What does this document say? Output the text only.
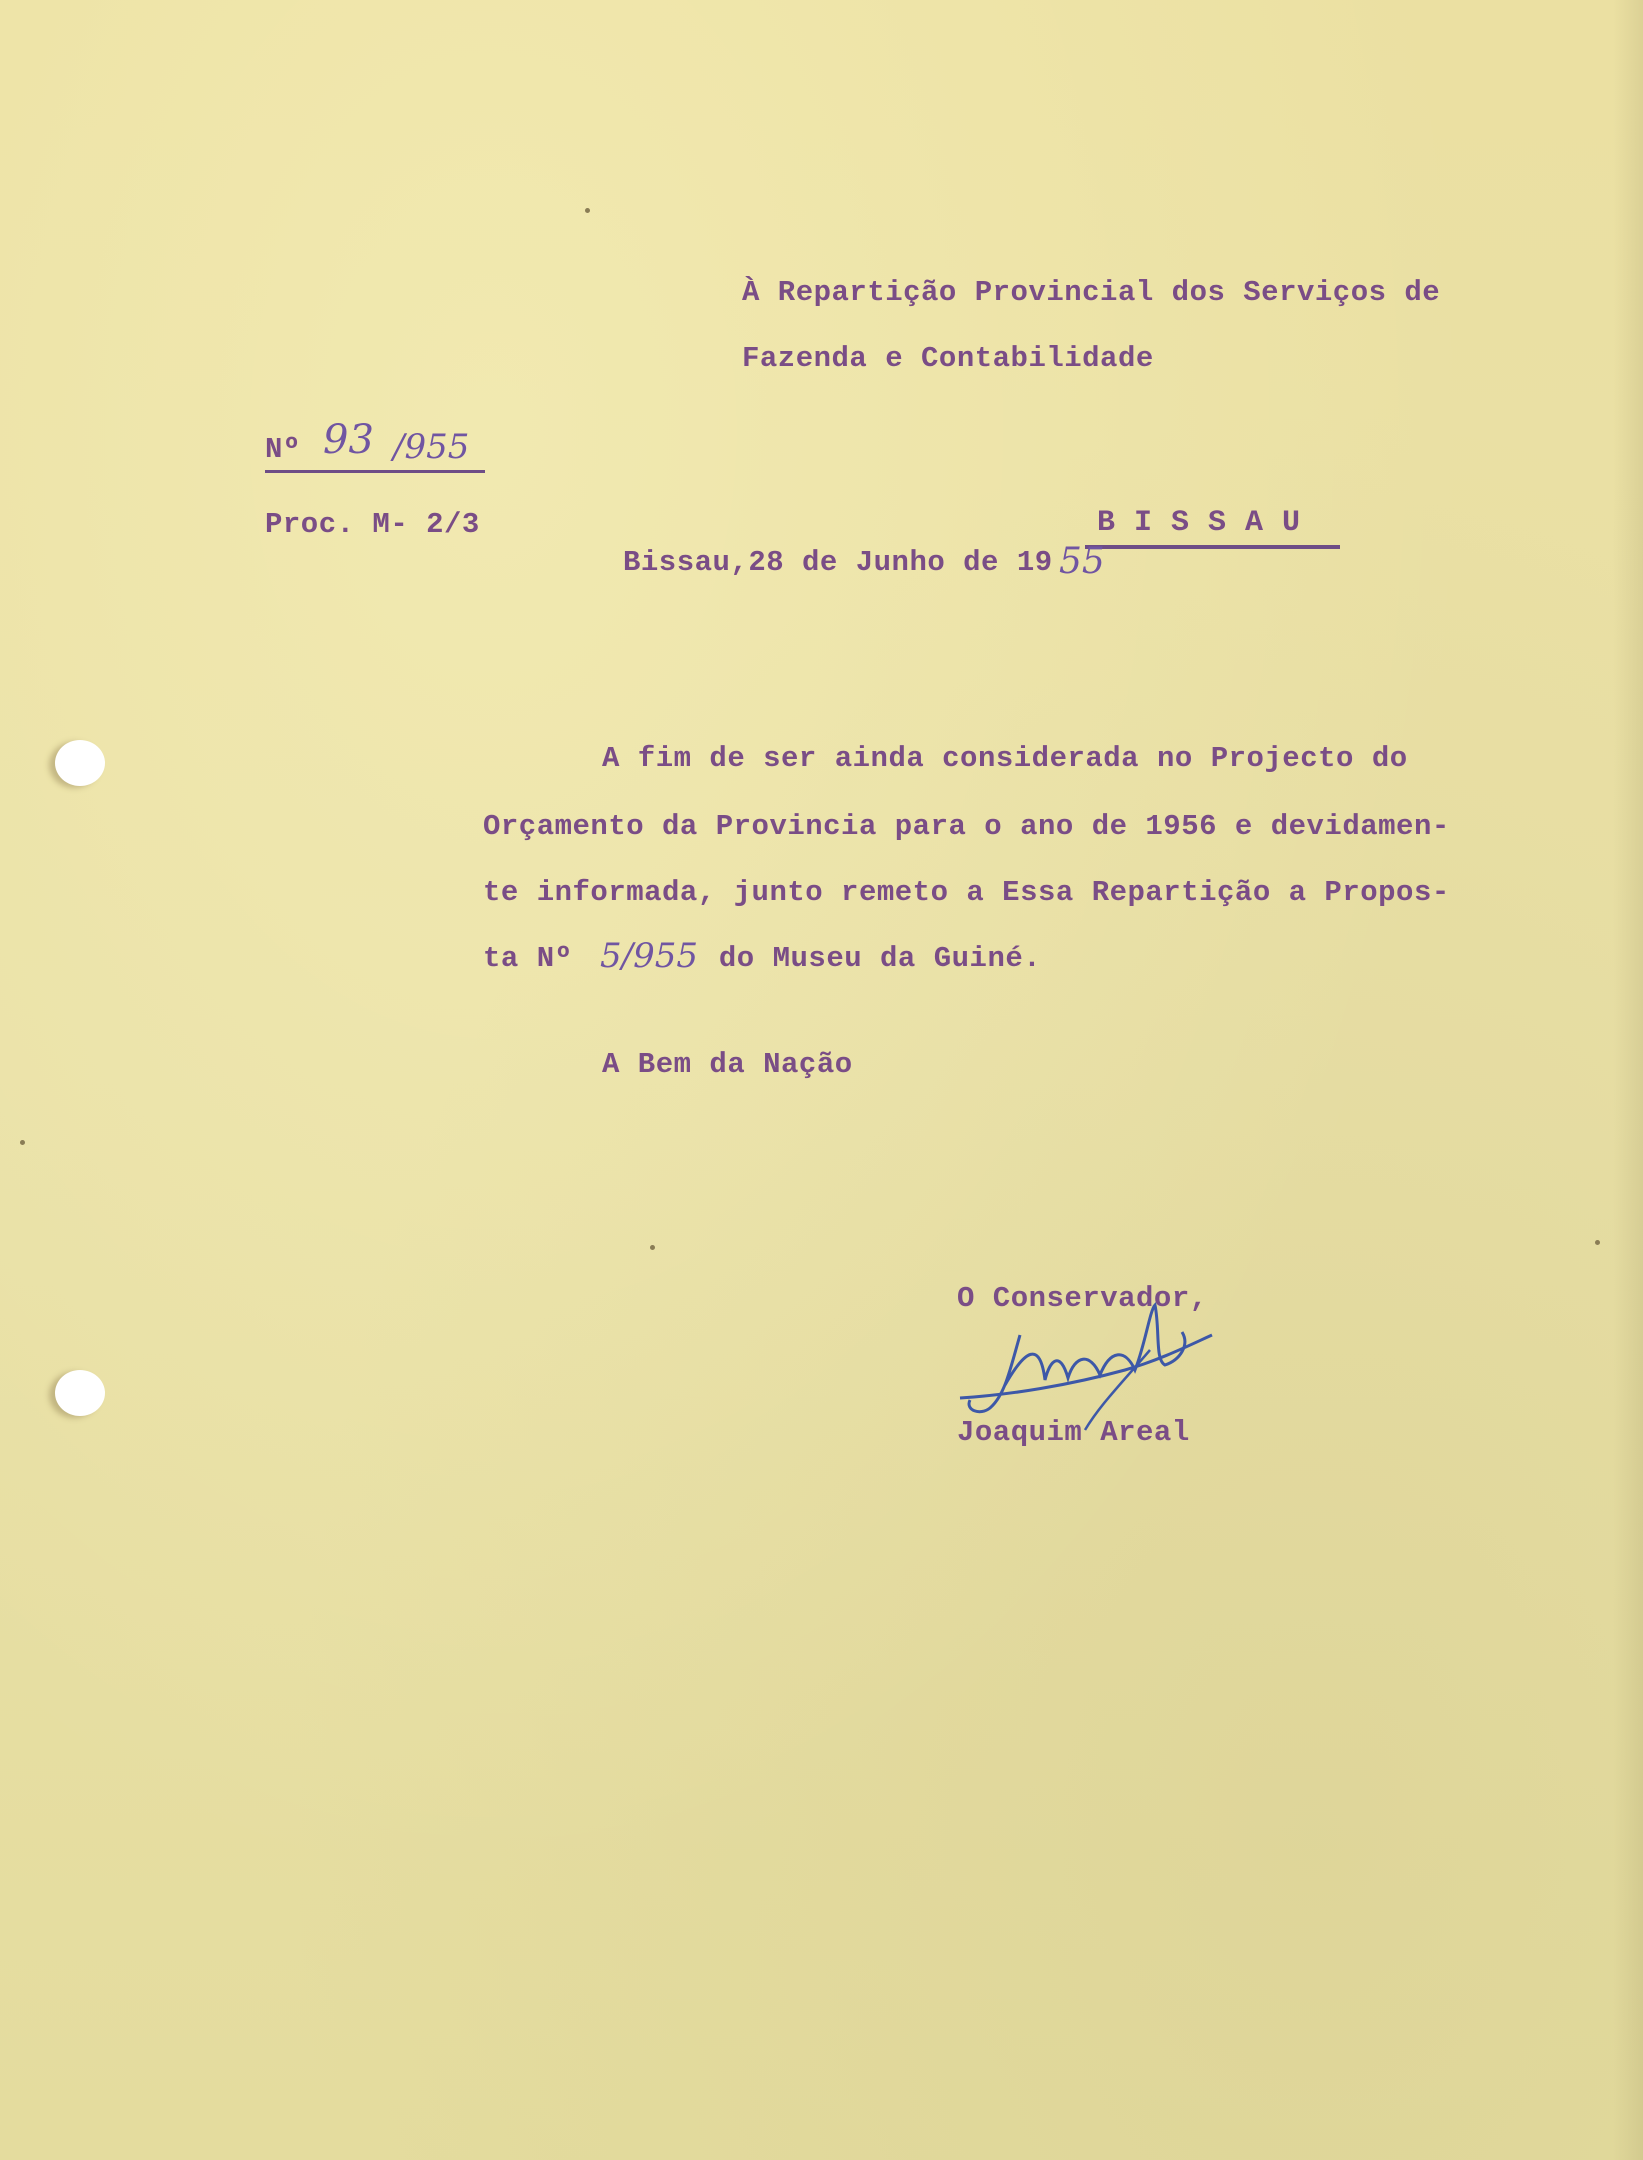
À Repartição Provincial dos Serviços de
Fazenda e Contabilidade
Nº 93 /955
Proc. M- 2/3	B I S S A U
Bissau,28 de Junho de 19 55
A fim de ser ainda considerada no Projecto do
Orçamento da Provincia para o ano de 1956 e devidamen-
te informada, junto remeto a Essa Repartição a Propos-
ta Nº 5/955 do Museu da Guiné.
A Bem da Nação
O Conservador,
Joaquim Areal
